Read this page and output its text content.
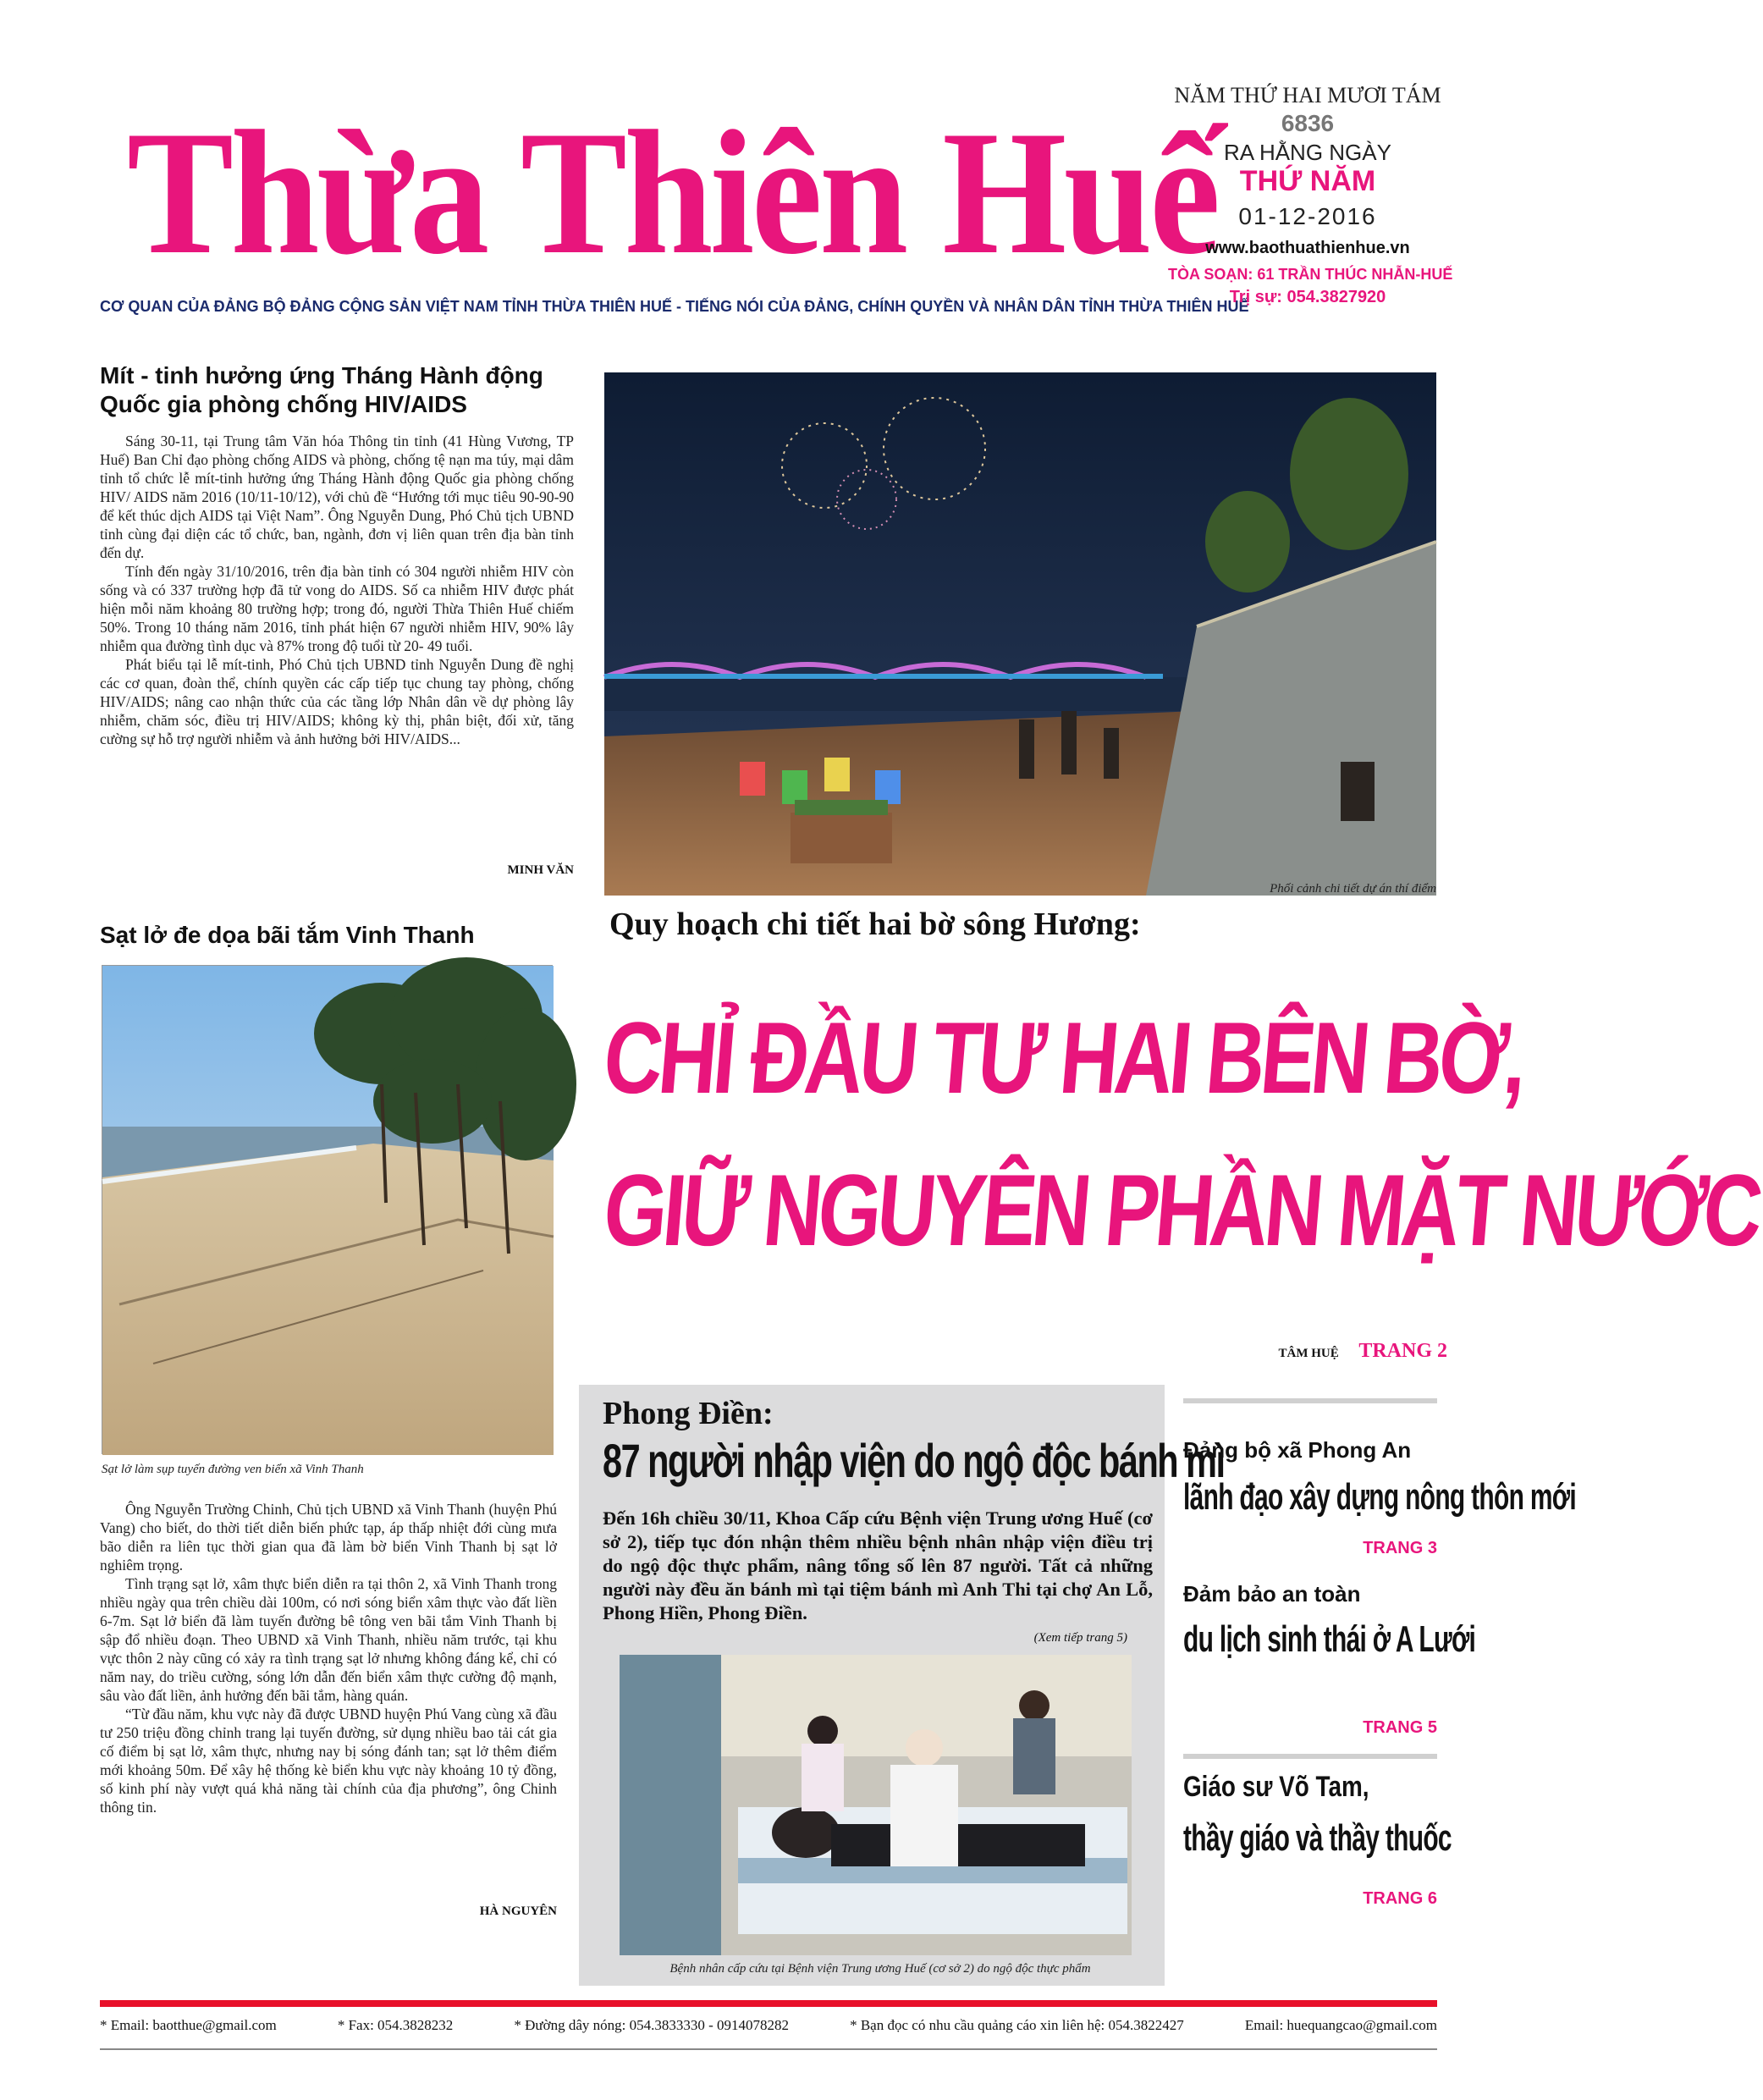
Thừa Thiên Huế
CƠ QUAN CỦA ĐẢNG BỘ ĐẢNG CỘNG SẢN VIỆT NAM TỈNH THỪA THIÊN HUẾ - TIẾNG NÓI CỦA ĐẢNG, CHÍNH QUYỀN VÀ NHÂN DÂN TỈNH THỪA THIÊN HUẾ
NĂM THỨ HAI MƯƠI TÁM
6836
RA HẰNG NGÀY
THỨ NĂM
01-12-2016
www.baothuathienhue.vn
TÒA SOẠN: 61 TRẦN THÚC NHẪN-HUẾ
Trị sự: 054.3827920
Mít - tinh hưởng ứng Tháng Hành động Quốc gia phòng chống HIV/AIDS

Sáng 30-11, tại Trung tâm Văn hóa Thông tin tỉnh (41 Hùng Vương, TP Huế) Ban Chỉ đạo phòng chống AIDS và phòng, chống tệ nạn ma túy, mại dâm tỉnh tổ chức lễ mít-tinh hưởng ứng Tháng Hành động Quốc gia phòng chống HIV/ AIDS năm 2016 (10/11-10/12), với chủ đề “Hướng tới mục tiêu 90-90-90 để kết thúc dịch AIDS tại Việt Nam”. Ông Nguyễn Dung, Phó Chủ tịch UBND tỉnh cùng đại diện các tổ chức, ban, ngành, đơn vị liên quan trên địa bàn tỉnh đến dự.

Tính đến ngày 31/10/2016, trên địa bàn tỉnh có 304 người nhiễm HIV còn sống và có 337 trường hợp đã tử vong do AIDS. Số ca nhiễm HIV được phát hiện mỗi năm khoảng 80 trường hợp; trong đó, người Thừa Thiên Huế chiếm 50%. Trong 10 tháng năm 2016, tỉnh phát hiện 67 người nhiễm HIV, 90% lây nhiễm qua đường tình dục và 87% trong độ tuổi từ 20- 49 tuổi.

Phát biểu tại lễ mít-tinh, Phó Chủ tịch UBND tỉnh Nguyễn Dung đề nghị các cơ quan, đoàn thể, chính quyền các cấp tiếp tục chung tay phòng, chống HIV/AIDS; nâng cao nhận thức của các tầng lớp Nhân dân về dự phòng lây nhiễm, chăm sóc, điều trị HIV/AIDS; không kỳ thị, phân biệt, đối xử, tăng cường sự hỗ trợ người nhiễm và ảnh hưởng bởi HIV/AIDS...

MINH VĂN
Sạt lở đe dọa bãi tắm Vinh Thanh
Sạt lở làm sụp tuyến đường ven biển xã Vinh Thanh

Ông Nguyễn Trường Chinh, Chủ tịch UBND xã Vinh Thanh (huyện Phú Vang) cho biết, do thời tiết diễn biến phức tạp, áp thấp nhiệt đới cùng mưa bão diễn ra liên tục thời gian qua đã làm bờ biển Vinh Thanh bị sạt lở nghiêm trọng.

Tình trạng sạt lở, xâm thực biển diễn ra tại thôn 2, xã Vinh Thanh trong nhiều ngày qua trên chiều dài 100m, có nơi sóng biển xâm thực vào đất liền 6-7m. Sạt lở biển đã làm tuyến đường bê tông ven bãi tắm Vinh Thanh bị sập đổ nhiều đoạn. Theo UBND xã Vinh Thanh, nhiều năm trước, tại khu vực thôn 2 này cũng có xảy ra tình trạng sạt lở nhưng không đáng kể, chỉ có năm nay, do triều cường, sóng lớn dẫn đến biển xâm thực cường độ mạnh, sâu vào đất liền, ảnh hưởng đến bãi tắm, hàng quán.

“Từ đầu năm, khu vực này đã được UBND huyện Phú Vang cùng xã đầu tư 250 triệu đồng chỉnh trang lại tuyến đường, sử dụng nhiều bao tải cát gia cố điểm bị sạt lở, xâm thực, nhưng nay bị sóng đánh tan; sạt lở thêm điểm mới khoảng 50m. Để xây hệ thống kè biển khu vực này khoảng 10 tỷ đồng, số kinh phí này vượt quá khả năng tài chính của địa phương”, ông Chinh thông tin.

HÀ NGUYÊN
Phối cảnh chi tiết dự án thí điểm
Quy hoạch chi tiết hai bờ sông Hương:
CHỈ ĐẦU TƯ HAI BÊN BỜ,
GIỮ NGUYÊN PHẦN MẶT NƯỚC
TÂM HUỆ TRANG 2
Phong Điền:
87 người nhập viện do ngộ độc bánh mì
Đến 16h chiều 30/11, Khoa Cấp cứu Bệnh viện Trung ương Huế (cơ sở 2), tiếp tục đón nhận thêm nhiều bệnh nhân nhập viện điều trị do ngộ độc thực phẩm, nâng tổng số lên 87 người. Tất cả những người này đều ăn bánh mì tại tiệm bánh mì Anh Thi tại chợ An Lỗ, Phong Hiền, Phong Điền.
(Xem tiếp trang 5)
Bệnh nhân cấp cứu tại Bệnh viện Trung ương Huế (cơ sở 2) do ngộ độc thực phẩm
Đảng bộ xã Phong An
lãnh đạo xây dựng nông thôn mới
TRANG 3
Đảm bảo an toàn
du lịch sinh thái ở A Lưới
TRANG 5
Giáo sư Võ Tam,
thầy giáo và thầy thuốc
TRANG 6
* Email: baotthue@gmail.com	* Fax: 054.3828232	* Đường dây nóng: 054.3833330 - 0914078282	* Bạn đọc có nhu cầu quảng cáo xin liên hệ: 054.3822427	Email: huequangcao@gmail.com
